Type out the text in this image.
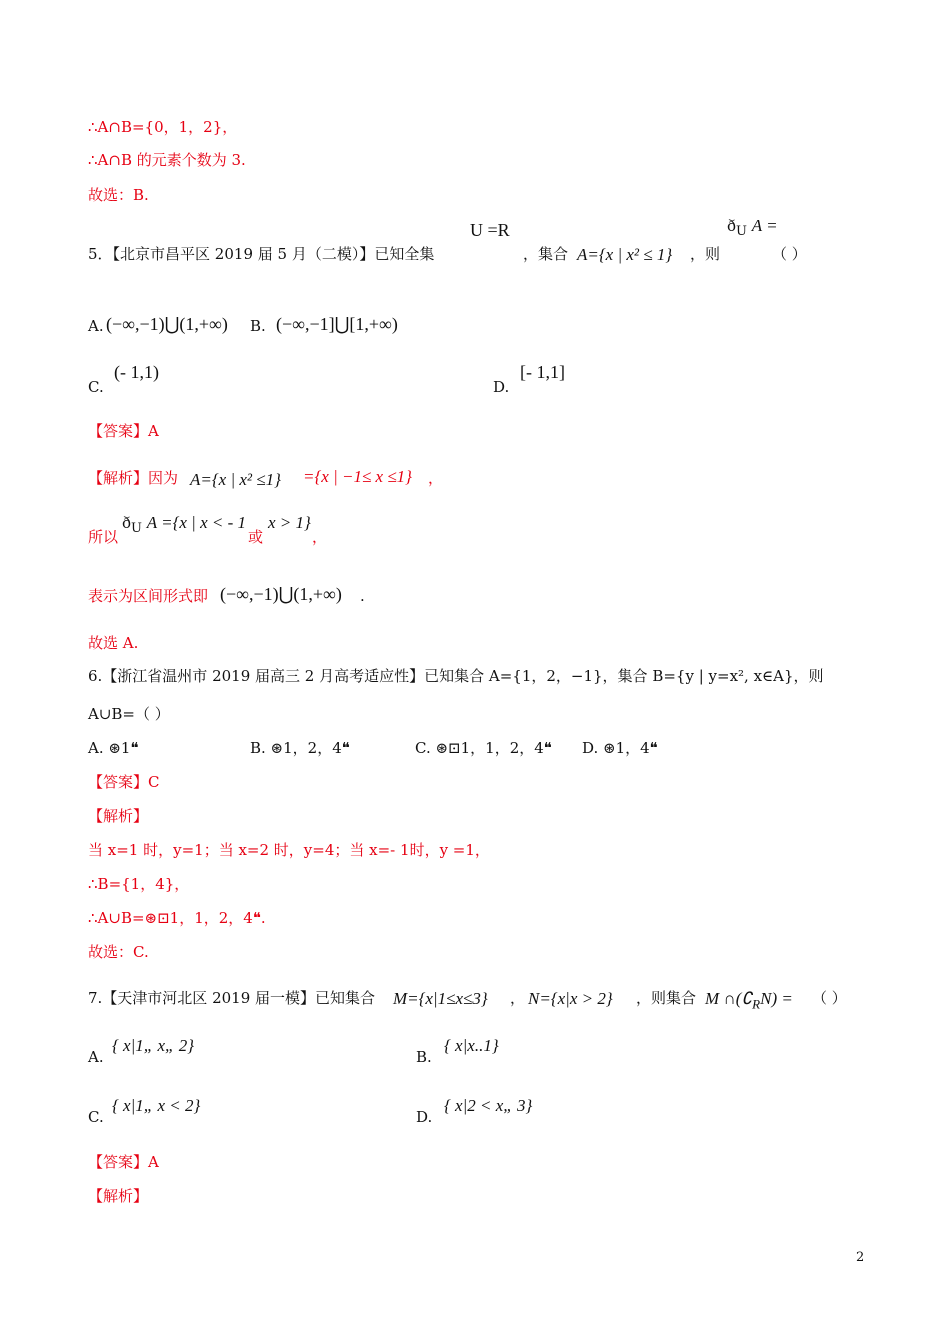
∴A∩B={0，1，2}，
∴A∩B 的元素个数为 3.
故选：B.
U =R	$ð_U$ A =
5．【北京市昌平区 2019 届 5 月（二模）】已知全集	，集合 A={x | x² ≤ 1} ，则	（ ）
A. (−∞,−1)⋃(1,+∞) B. (−∞,−1]⋃[1,+∞)
(- 1,1)
C.
[- 1,1]
D.
【答案】A
【解析】因为 A={x | x² ≤1} ={x | −1≤ x ≤1} ，
所以
$ð_U$ A ={x | x < - 1
或
x > 1}
，
表示为区间形式即 (−∞,−1)⋃(1,+∞) .
故选 A.
6.【浙江省温州市 2019 届高三 2 月高考适应性】已知集合 A={1，2，−1}，集合 B={y | y=x², x∈A}，则
A∪B=（ ）
A. ⊛1❝	B. ⊛1，2，4❝	C. ⊛⊡1，1，2，4❝ D. ⊛1，4❝
【答案】C
【解析】
当 x=1 时，y=1；当 x=2 时，y=4；当 x=- 1时，y =1，
∴B={1，4}，
∴A∪B=⊛⊡1，1，2，4❝.
故选：C.
7.【天津市河北区 2019 届一模】已知集合 M={x|1≤x≤3} ， N={x|x > 2} ，则集合 M $\cap(∁_RN)$ = （ ）
A.
{ x|1„ x„ 2}
B.
{ x|x..1}
C.
{ x|1„ x < 2}
D.
{ x|2 < x„ 3}
【答案】A
【解析】
2
